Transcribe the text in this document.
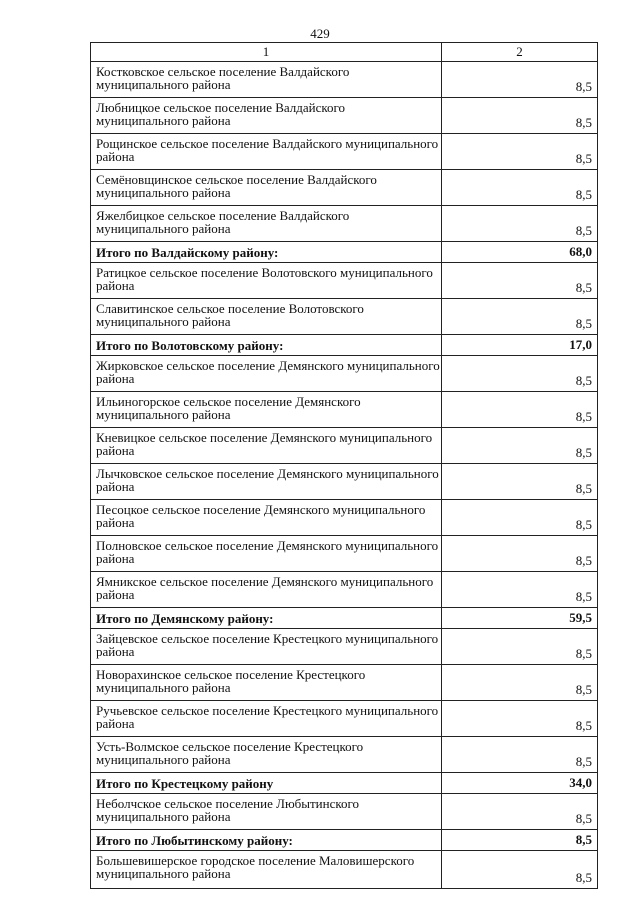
429
1	2
Костковское сельское поселение Валдайского муниципального района	8,5
Любницкое сельское поселение Валдайского муниципального района	8,5
Рощинское сельское поселение Валдайского муниципального района	8,5
Семёновщинское сельское поселение Валдайского муниципального района	8,5
Яжелбицкое сельское поселение Валдайского муниципального района	8,5
Итого по Валдайскому району:	68,0
Ратицкое сельское поселение Волотовского муниципального района	8,5
Славитинское сельское поселение Волотовского муниципального района	8,5
Итого по Волотовскому району:	17,0
Жирковское сельское поселение Демянского муниципального района	8,5
Ильиногорское сельское поселение Демянского муниципального района	8,5
Кневицкое сельское поселение Демянского муниципального района	8,5
Лычковское сельское поселение Демянского муниципального района	8,5
Песоцкое сельское поселение Демянского муниципального района	8,5
Полновское сельское поселение Демянского муниципального района	8,5
Ямникское сельское поселение Демянского муниципального района	8,5
Итого по Демянскому району:	59,5
Зайцевское сельское поселение Крестецкого муниципального района	8,5
Новорахинское сельское поселение Крестецкого муниципального района	8,5
Ручьевское сельское поселение Крестецкого муниципального района	8,5
Усть-Волмское сельское поселение Крестецкого муниципального района	8,5
Итого по Крестецкому району	34,0
Неболчское сельское поселение Любытинского муниципального района	8,5
Итого по Любытинскому району:	8,5
Большевишерское городское поселение Маловишерского муниципального района	8,5
